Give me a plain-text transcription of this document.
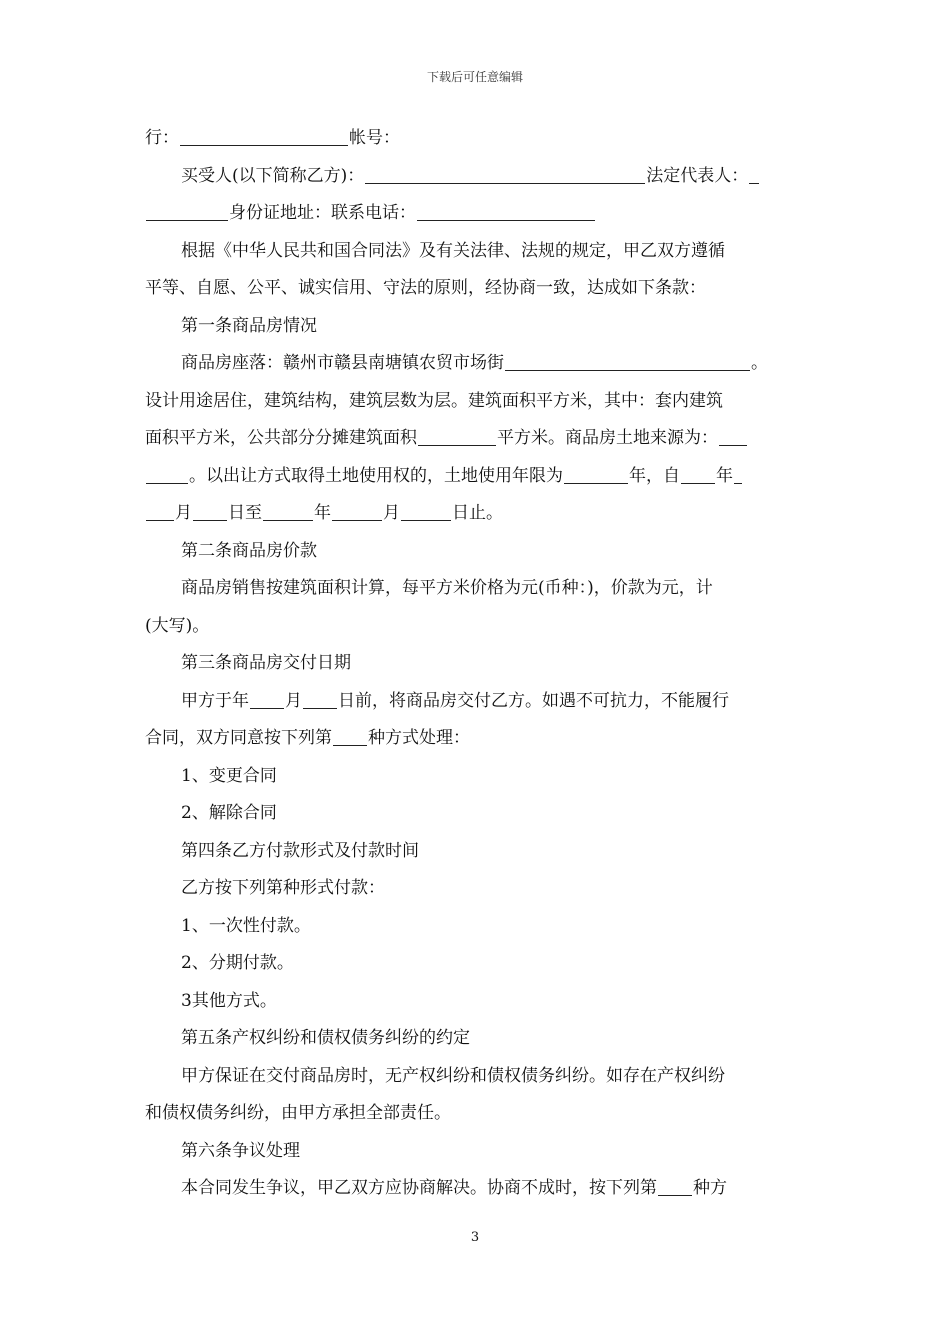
下载后可任意编辑
行：	帐号：
买受人(以下简称乙方)：	法定代表人：
身份证地址：联系电话：
根据《中华人民共和国合同法》及有关法律、法规的规定，甲乙双方遵循
平等、自愿、公平、诚实信用、守法的原则，经协商一致，达成如下条款：
第一条商品房情况
商品房座落：赣州市赣县南塘镇农贸市场街	。
设计用途居住，建筑结构，建筑层数为层。建筑面积平方米，其中：套内建筑
面积平方米，公共部分分摊建筑面积	平方米。商品房土地来源为：
。以出让方式取得土地使用权的，土地使用年限为	年，自 年
月 日至	年	月	日止。
第二条商品房价款
商品房销售按建筑面积计算，每平方米价格为元(币种：)，价款为元，计
(大写)。
第三条商品房交付日期
甲方于年 月 日前，将商品房交付乙方。如遇不可抗力，不能履行
合同，双方同意按下列第 种方式处理：
1、变更合同
2、解除合同
第四条乙方付款形式及付款时间
乙方按下列第种形式付款：
1、一次性付款。
2、分期付款。
3其他方式。
第五条产权纠纷和债权债务纠纷的约定
甲方保证在交付商品房时，无产权纠纷和债权债务纠纷。如存在产权纠纷
和债权债务纠纷，由甲方承担全部责任。
第六条争议处理
本合同发生争议，甲乙双方应协商解决。协商不成时，按下列第 种方
3
